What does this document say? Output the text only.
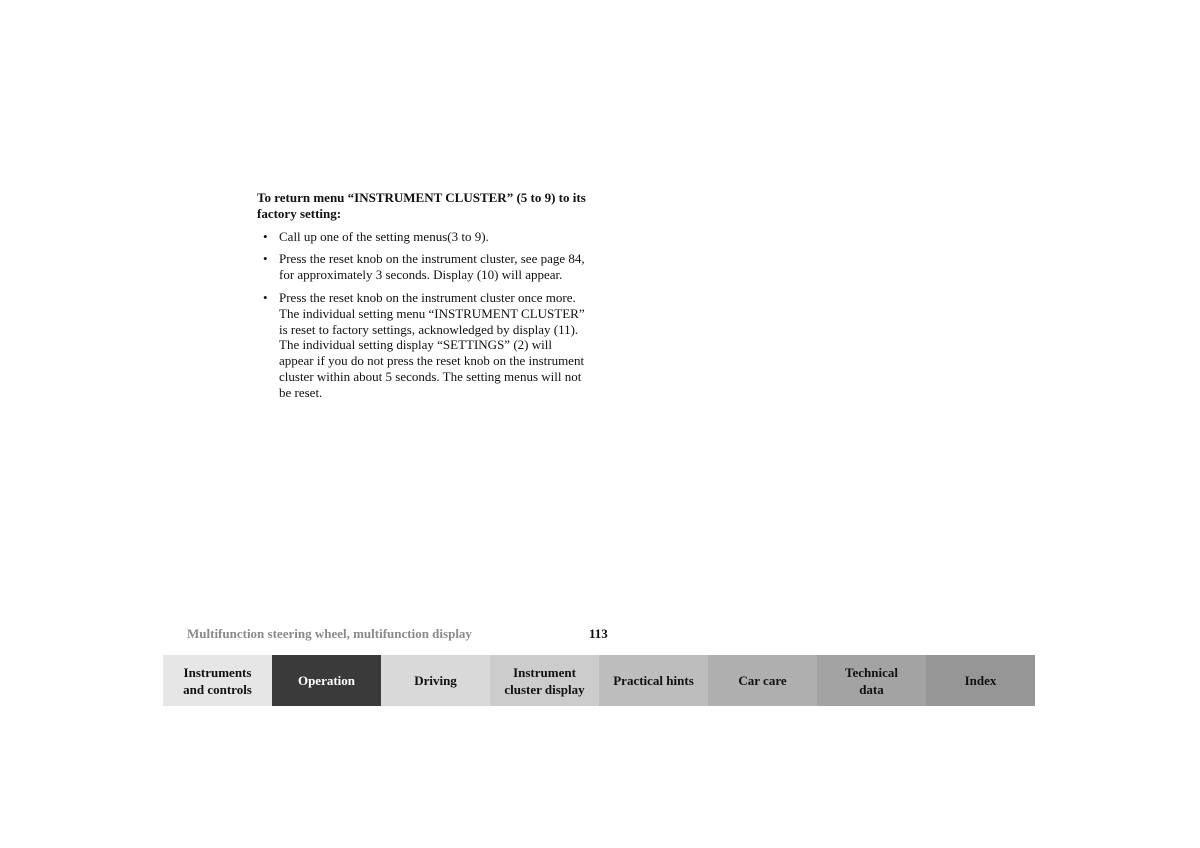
To return menu “INSTRUMENT CLUSTER” (5 to 9) to its factory setting:

• Call up one of the setting menus(3 to 9).
• Press the reset knob on the instrument cluster, see page 84, for approximately 3 seconds. Display (10) will appear.
• Press the reset knob on the instrument cluster once more. The individual setting menu “INSTRUMENT CLUSTER” is reset to factory settings, acknowledged by display (11).
The individual setting display “SETTINGS” (2) will appear if you do not press the reset knob on the instrument cluster within about 5 seconds. The setting menus will not be reset.
Multifunction steering wheel, multifunction display	113
Instruments
and controls
Operation	Driving
Instrument
cluster display
Practical hints	Car care
Technical
data
Index
